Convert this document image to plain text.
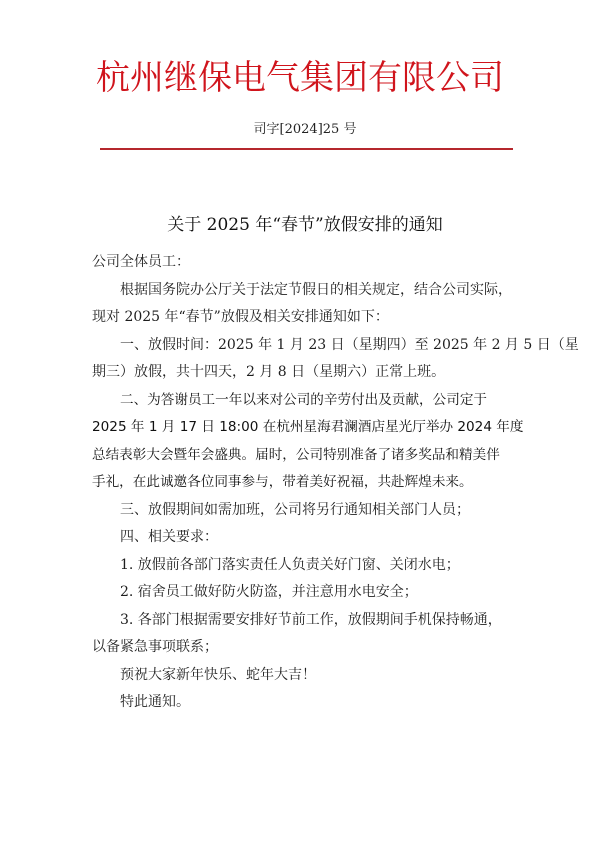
杭州继保电气集团有限公司
司字[2024]25 号
关于 2025 年“春节”放假安排的通知
公司全体员工：
根据国务院办公厅关于法定节假日的相关规定，结合公司实际，
现对 2025 年“春节”放假及相关安排通知如下：
一、放假时间：2025 年 1 月 23 日（星期四）至 2025 年 2 月 5 日（星
期三）放假，共十四天，2 月 8 日（星期六）正常上班。
二、为答谢员工一年以来对公司的辛劳付出及贡献，公司定于
2025 年 1 月 17 日 18:00 在杭州星海君澜酒店星光厅举办 2024 年度
总结表彰大会暨年会盛典。届时，公司特别准备了诸多奖品和精美伴
手礼，在此诚邀各位同事参与，带着美好祝福，共赴辉煌未来。
三、放假期间如需加班，公司将另行通知相关部门人员；
四、相关要求：
1. 放假前各部门落实责任人负责关好门窗、关闭水电；
2. 宿舍员工做好防火防盗，并注意用水电安全；
3. 各部门根据需要安排好节前工作，放假期间手机保持畅通，
以备紧急事项联系；
预祝大家新年快乐、蛇年大吉！
特此通知。
